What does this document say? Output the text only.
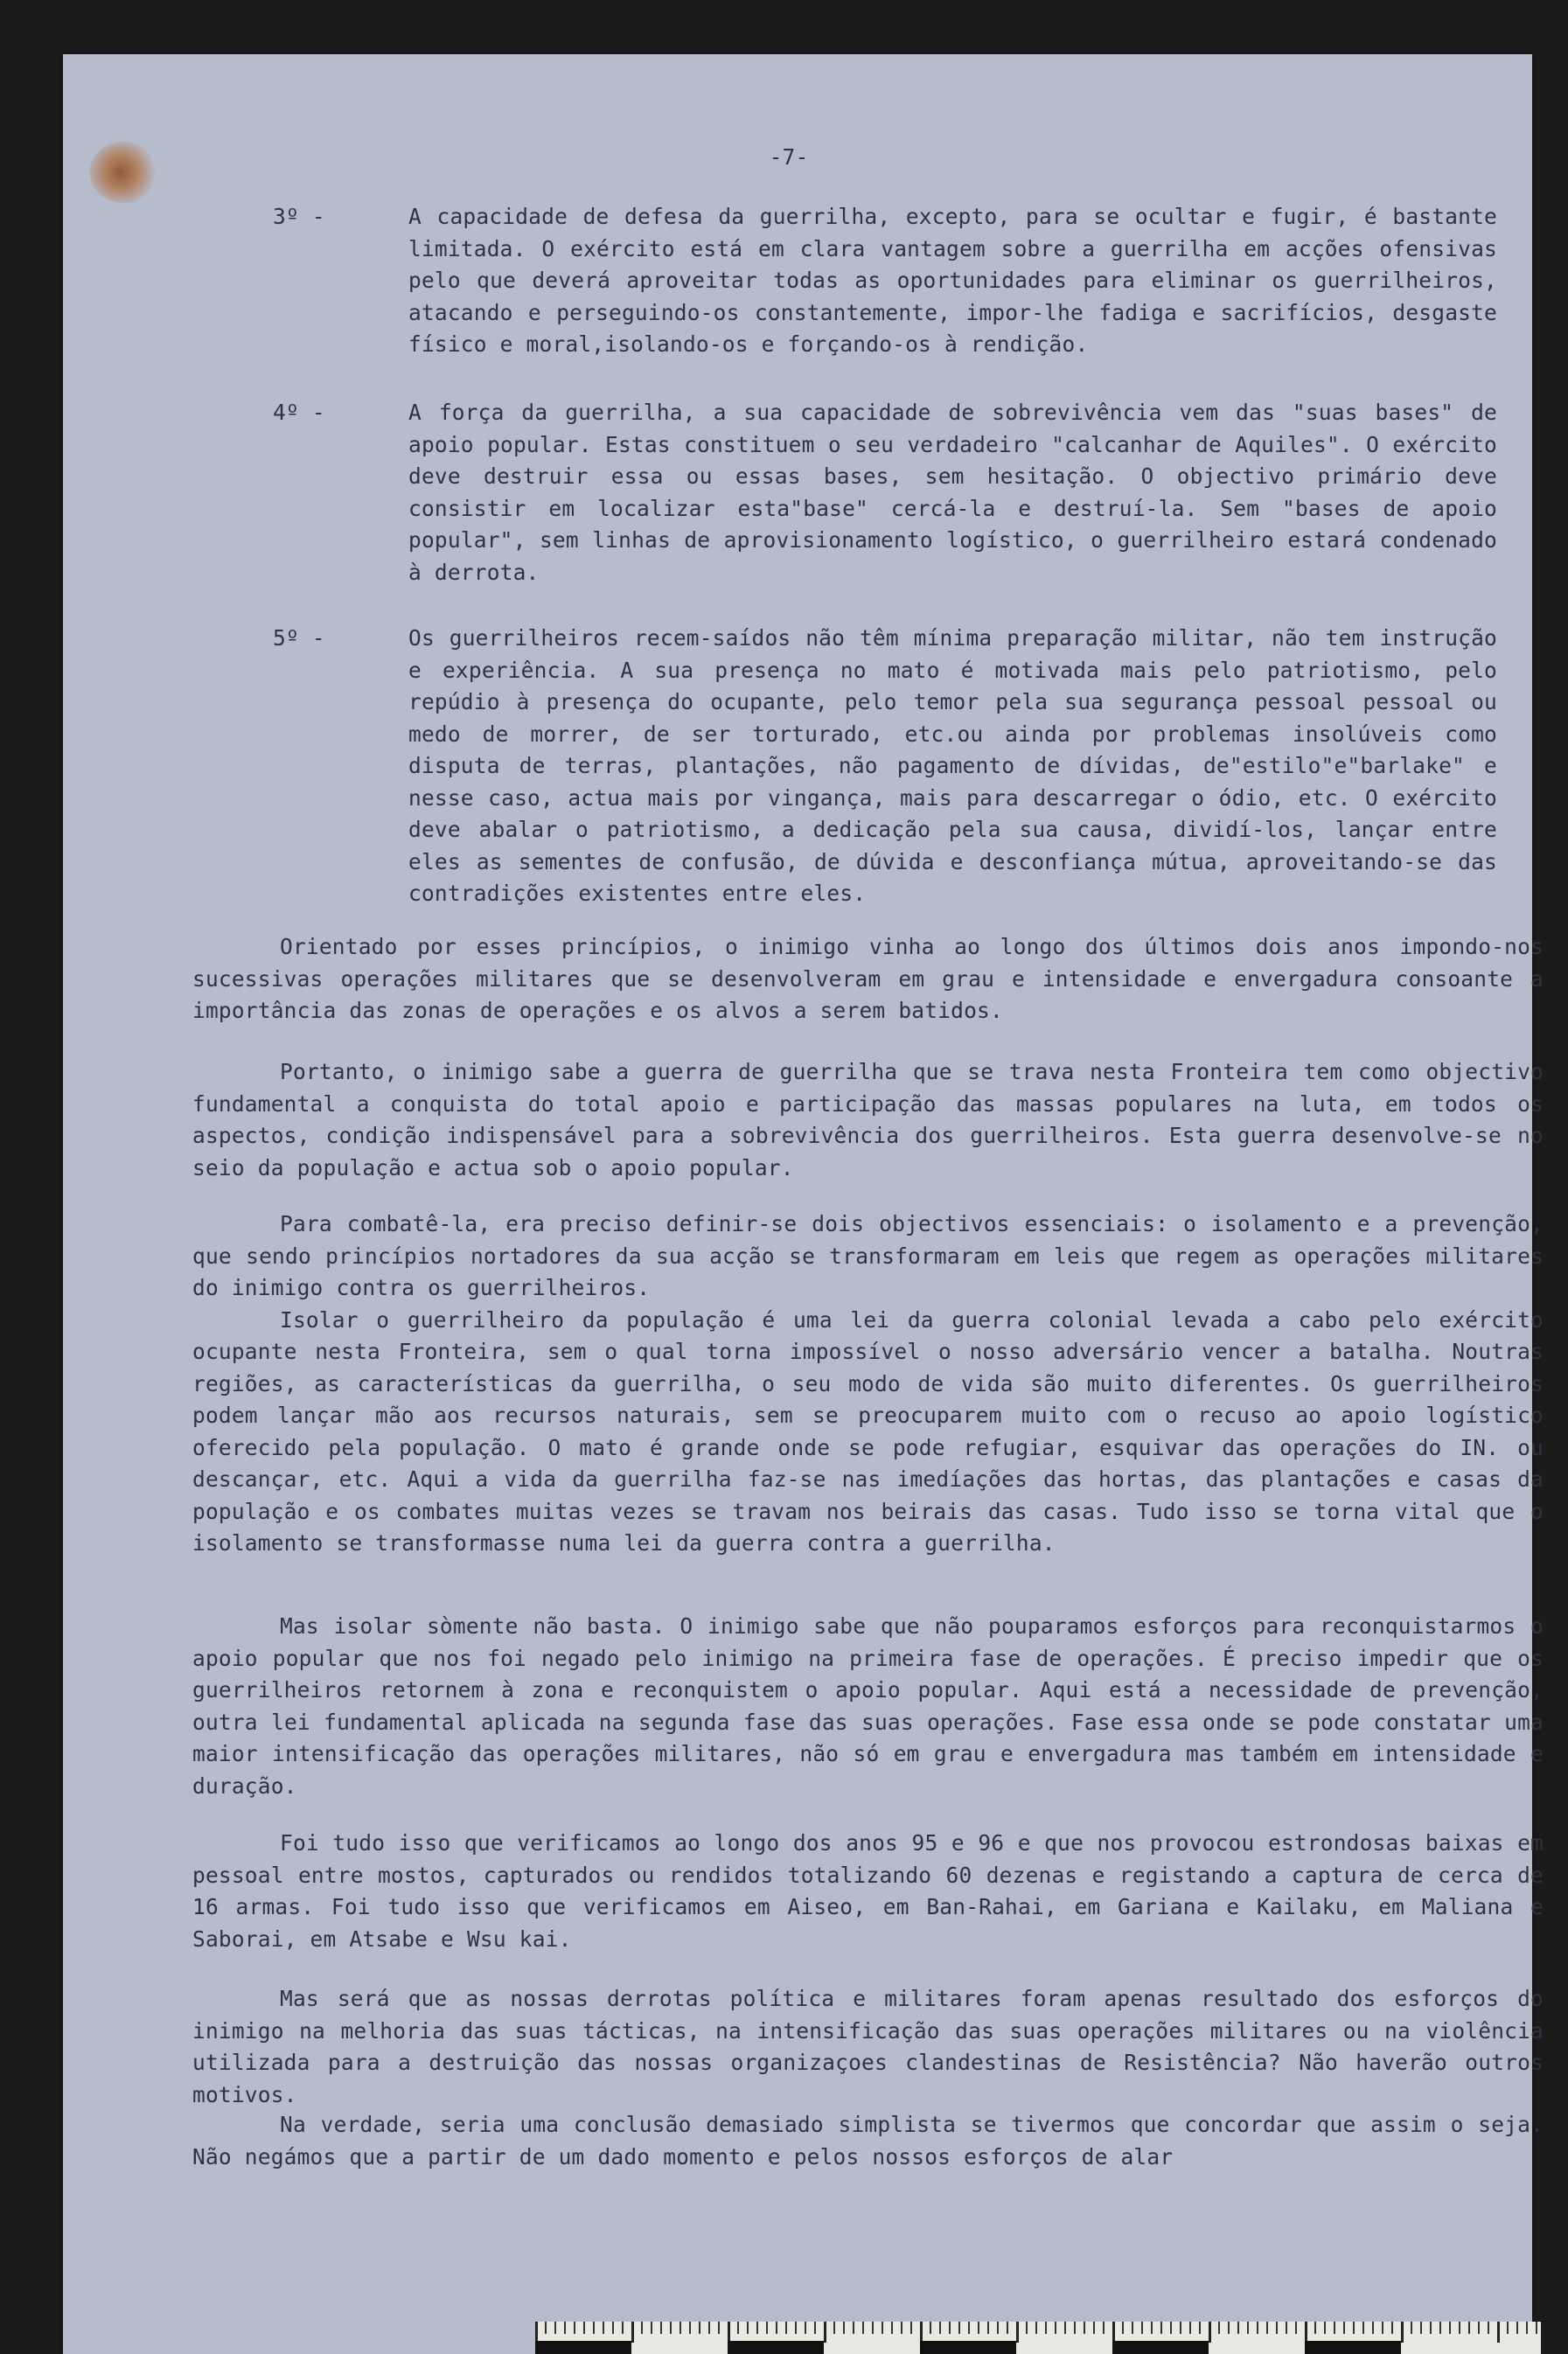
-7-
3º -	A capacidade de defesa da guerrilha, excepto, para se ocultar e fugir, é bastante limitada. O exército está em clara vantagem sobre a guerrilha em acções ofensivas pelo que deverá aproveitar todas as oportunidades para eliminar os guerrilheiros, atacando e perseguindo-os constantemente, impor-lhe fadiga e sacrifícios, desgaste físico e moral,isolando-os e forçando-os à rendição.
4º -	A força da guerrilha, a sua capacidade de sobrevivência vem das "suas bases" de apoio popular. Estas constituem o seu verdadeiro "calcanhar de Aquiles". O exército deve destruir essa ou essas bases, sem hesitação. O objectivo primário deve consistir em localizar esta"base" cercá-la e destruí-la. Sem "bases de apoio popular", sem linhas de aprovisionamento logístico, o guerrilheiro estará condenado à derrota.
5º -	Os guerrilheiros recem-saídos não têm mínima preparação militar, não tem instrução e experiência. A sua presença no mato é motivada mais pelo patriotismo, pelo repúdio à presença do ocupante, pelo temor pela sua segurança pessoal pessoal ou medo de morrer, de ser torturado, etc.ou ainda por problemas insolúveis como disputa de terras, plantações, não pagamento de dívidas, de"estilo"e"barlake" e nesse caso, actua mais por vingança, mais para descarregar o ódio, etc. O exército deve abalar o patriotismo, a dedicação pela sua causa, dividí-los, lançar entre eles as sementes de confusão, de dúvida e desconfiança mútua, aproveitando-se das contradições existentes entre eles.

Orientado por esses princípios, o inimigo vinha ao longo dos últimos dois anos impondo-nos sucessivas operações militares que se desenvolveram em grau e intensidade e envergadura consoante a importância das zonas de operações e os alvos a serem batidos.

Portanto, o inimigo sabe a guerra de guerrilha que se trava nesta Fronteira tem como objectivo fundamental a conquista do total apoio e participação das massas populares na luta, em todos os aspectos, condição indispensável para a sobrevivência dos guerrilheiros. Esta guerra desenvolve-se no seio da população e actua sob o apoio popular.

Para combatê-la, era preciso definir-se dois objectivos essenciais: o isolamento e a prevenção, que sendo princípios nortadores da sua acção se transformaram em leis que regem as operações militares do inimigo contra os guerrilheiros.

Isolar o guerrilheiro da população é uma lei da guerra colonial levada a cabo pelo exército ocupante nesta Fronteira, sem o qual torna impossível o nosso adversário vencer a batalha. Noutras regiões, as características da guerrilha, o seu modo de vida são muito diferentes. Os guerrilheiros podem lançar mão aos recursos naturais, sem se preocuparem muito com o recuso ao apoio logístico oferecido pela população. O mato é grande onde se pode refugiar, esquivar das operações do IN. ou descançar, etc. Aqui a vida da guerrilha faz-se nas imedíações das hortas, das plantações e casas da população e os combates muitas vezes se travam nos beirais das casas. Tudo isso se torna vital que o isolamento se transformasse numa lei da guerra contra a guerrilha.

Mas isolar sòmente não basta. O inimigo sabe que não pouparamos esforços para reconquistarmos o apoio popular que nos foi negado pelo inimigo na primeira fase de operações. É preciso impedir que os guerrilheiros retornem à zona e reconquistem o apoio popular. Aqui está a necessidade de prevenção, outra lei fundamental aplicada na segunda fase das suas operações. Fase essa onde se pode constatar uma maior intensificação das operações militares, não só em grau e envergadura mas também em intensidade e duração.

Foi tudo isso que verificamos ao longo dos anos 95 e 96 e que nos provocou estrondosas baixas em pessoal entre mostos, capturados ou rendidos totalizando 60 dezenas e registando a captura de cerca de 16 armas. Foi tudo isso que verificamos em Aiseo, em Ban-Rahai, em Gariana e Kailaku, em Maliana e Saborai, em Atsabe e Wsu kai.

Mas será que as nossas derrotas política e militares foram apenas resultado dos esforços do inimigo na melhoria das suas tácticas, na intensificação das suas operações militares ou na violência utilizada para a destruição das nossas organizaçoes clandestinas de Resistência? Não haverão outros motivos.

Na verdade, seria uma conclusão demasiado simplista se tivermos que concordar que assim o seja. Não negámos que a partir de um dado momento e pelos nossos esforços de alar
